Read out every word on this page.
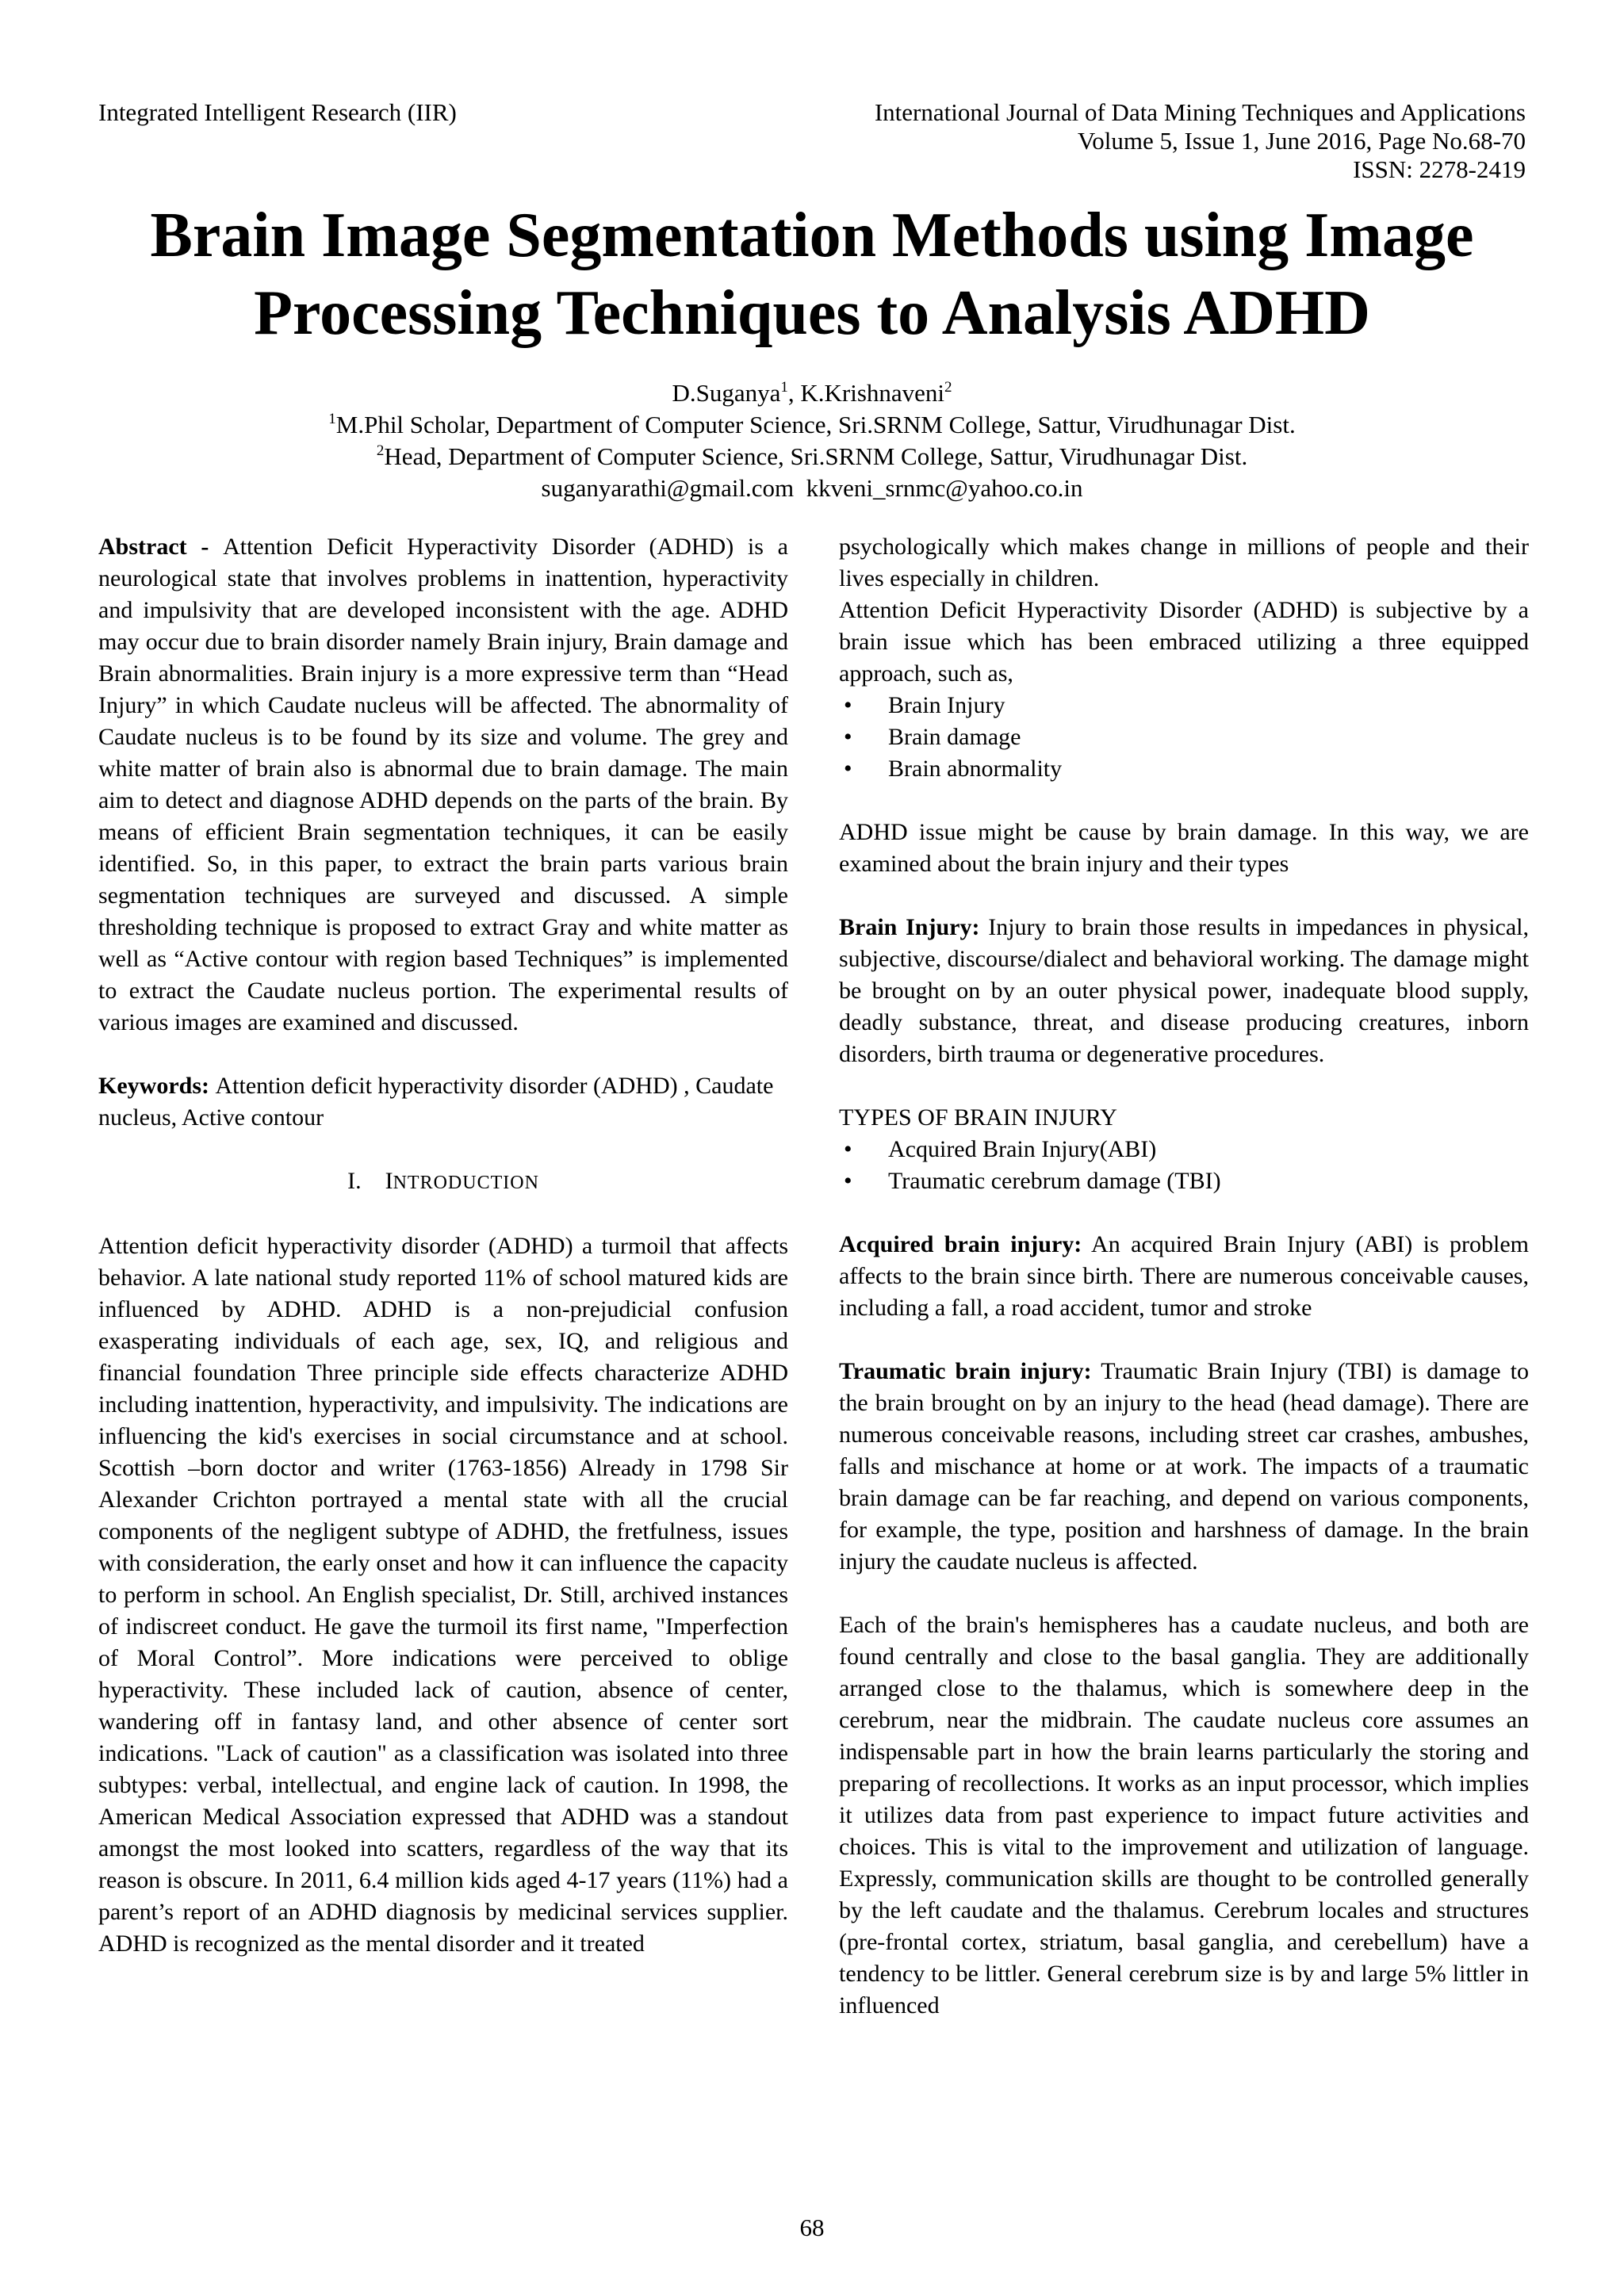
Integrated Intelligent Research (IIR)	International Journal of Data Mining Techniques and Applications
Volume 5, Issue 1, June 2016, Page No.68-70
ISSN: 2278-2419
Brain Image Segmentation Methods using Image
Processing Techniques to Analysis ADHD
D.Suganya$^1$, K.Krishnaveni$^2$
$^1$M.Phil Scholar, Department of Computer Science, Sri.SRNM College, Sattur, Virudhunagar Dist.
$^2$Head, Department of Computer Science, Sri.SRNM College, Sattur, Virudhunagar Dist.
suganyarathi@gmail.com  kkveni_srnmc@yahoo.co.in

Abstract - Attention Deficit Hyperactivity Disorder (ADHD) is a neurological state that involves problems in inattention, hyperactivity and impulsivity that are developed inconsistent with the age. ADHD may occur due to brain disorder namely Brain injury, Brain damage and Brain abnormalities. Brain injury is a more expressive term than “Head Injury” in which Caudate nucleus will be affected. The abnormality of Caudate nucleus is to be found by its size and volume. The grey and white matter of brain also is abnormal due to brain damage. The main aim to detect and diagnose ADHD depends on the parts of the brain. By means of efficient Brain segmentation techniques, it can be easily identified. So, in this paper, to extract the brain parts various brain segmentation techniques are surveyed and discussed. A simple thresholding technique is proposed to extract Gray and white matter as well as “Active contour with region based Techniques” is implemented to extract the Caudate nucleus portion. The experimental results of various images are examined and discussed.

Keywords: Attention deficit hyperactivity disorder (ADHD) , Caudate nucleus, Active contour

I. INTRODUCTION

Attention deficit hyperactivity disorder (ADHD) a turmoil that affects behavior. A late national study reported 11% of school matured kids are influenced by ADHD. ADHD is a non-prejudicial confusion exasperating individuals of each age, sex, IQ, and religious and financial foundation Three principle side effects characterize ADHD including inattention, hyperactivity, and impulsivity. The indications are influencing the kid's exercises in social circumstance and at school. Scottish –born doctor and writer (1763-1856) Already in 1798 Sir Alexander Crichton portrayed a mental state with all the crucial components of the negligent subtype of ADHD, the fretfulness, issues with consideration, the early onset and how it can influence the capacity to perform in school. An English specialist, Dr. Still, archived instances of indiscreet conduct. He gave the turmoil its first name, "Imperfection of Moral Control”. More indications were perceived to oblige hyperactivity. These included lack of caution, absence of center, wandering off in fantasy land, and other absence of center sort indications. "Lack of caution" as a classification was isolated into three subtypes: verbal, intellectual, and engine lack of caution. In 1998, the American Medical Association expressed that ADHD was a standout amongst the most looked into scatters, regardless of the way that its reason is obscure. In 2011, 6.4 million kids aged 4-17 years (11%) had a parent’s report of an ADHD diagnosis by medicinal services supplier. ADHD is recognized as the mental disorder and it treated

psychologically which makes change in millions of people and their lives especially in children.

Attention Deficit Hyperactivity Disorder (ADHD) is subjective by a brain issue which has been embraced utilizing a three equipped approach, such as,

• Brain Injury
• Brain damage
• Brain abnormality

ADHD issue might be cause by brain damage. In this way, we are examined about the brain injury and their types

Brain Injury: Injury to brain those results in impedances in physical, subjective, discourse/dialect and behavioral working. The damage might be brought on by an outer physical power, inadequate blood supply, deadly substance, threat, and disease producing creatures, inborn disorders, birth trauma or degenerative procedures.

TYPES OF BRAIN INJURY

• Acquired Brain Injury(ABI)
• Traumatic cerebrum damage (TBI)

Acquired brain injury: An acquired Brain Injury (ABI) is problem affects to the brain since birth. There are numerous conceivable causes, including a fall, a road accident, tumor and stroke

Traumatic brain injury: Traumatic Brain Injury (TBI) is damage to the brain brought on by an injury to the head (head damage). There are numerous conceivable reasons, including street car crashes, ambushes, falls and mischance at home or at work. The impacts of a traumatic brain damage can be far reaching, and depend on various components, for example, the type, position and harshness of damage. In the brain injury the caudate nucleus is affected.

Each of the brain's hemispheres has a caudate nucleus, and both are found centrally and close to the basal ganglia. They are additionally arranged close to the thalamus, which is somewhere deep in the cerebrum, near the midbrain. The caudate nucleus core assumes an indispensable part in how the brain learns particularly the storing and preparing of recollections. It works as an input processor, which implies it utilizes data from past experience to impact future activities and choices. This is vital to the improvement and utilization of language. Expressly, communication skills are thought to be controlled generally by the left caudate and the thalamus. Cerebrum locales and structures (pre-frontal cortex, striatum, basal ganglia, and cerebellum) have a tendency to be littler. General cerebrum size is by and large 5% littler in influenced

68
